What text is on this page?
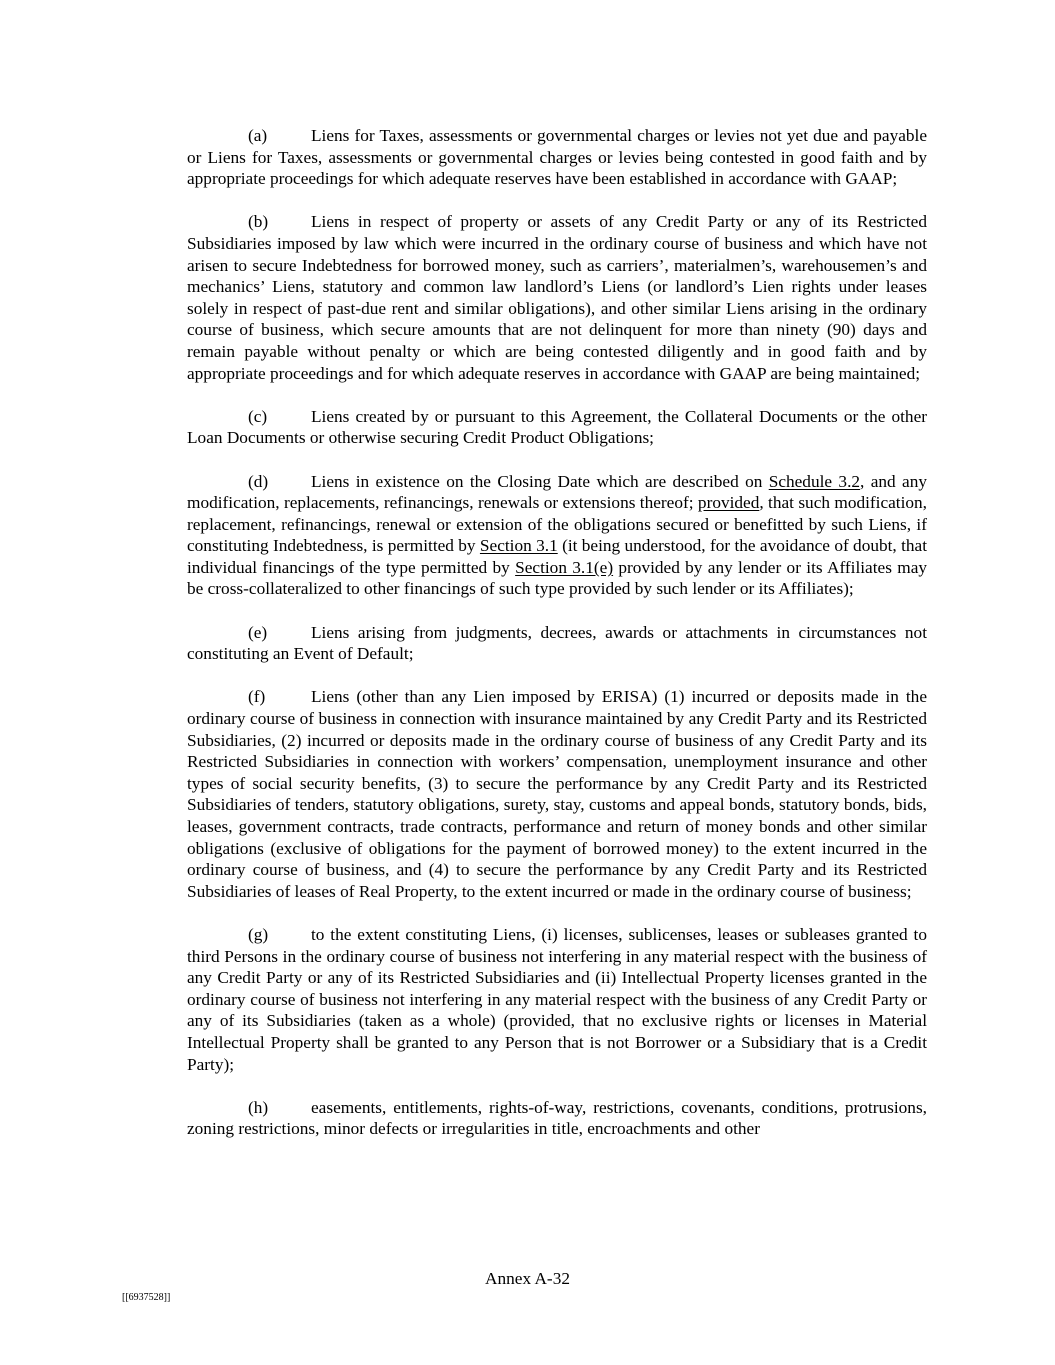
(a)	Liens for Taxes, assessments or governmental charges or levies not yet due and payable or Liens for Taxes, assessments or governmental charges or levies being contested in good faith and by appropriate proceedings for which adequate reserves have been established in accordance with GAAP;

(b) Liens in respect of property or assets of any Credit Party or any of its Restricted Subsidiaries imposed by law which were incurred in the ordinary course of business and which have not arisen to secure Indebtedness for borrowed money, such as carriers’, materialmen’s, warehousemen’s and mechanics’ Liens, statutory and common law landlord’s Liens (or landlord’s Lien rights under leases solely in respect of past-due rent and similar obligations), and other similar Liens arising in the ordinary course of business, which secure amounts that are not delinquent for more than ninety (90) days and remain payable without penalty or which are being contested diligently and in good faith and by appropriate proceedings and for which adequate reserves in accordance with GAAP are being maintained;

(c)	Liens created by or pursuant to this Agreement, the Collateral Documents or the other Loan Documents or otherwise securing Credit Product Obligations;

(d) Liens in existence on the Closing Date which are described on Schedule 3.2, and any modification, replacements, refinancings, renewals or extensions thereof; provided, that such modification, replacement, refinancings, renewal or extension of the obligations secured or benefitted by such Liens, if constituting Indebtedness, is permitted by Section 3.1 (it being understood, for the avoidance of doubt, that individual financings of the type permitted by Section 3.1(e) provided by any lender or its Affiliates may be cross-collateralized to other financings of such type provided by such lender or its Affiliates);

(e)	Liens arising from judgments, decrees, awards or attachments in circumstances not constituting an Event of Default;

(f)	Liens (other than any Lien imposed by ERISA) (1) incurred or deposits made in the ordinary course of business in connection with insurance maintained by any Credit Party and its Restricted Subsidiaries, (2) incurred or deposits made in the ordinary course of business of any Credit Party and its Restricted Subsidiaries in connection with workers’ compensation, unemployment insurance and other types of social security benefits, (3) to secure the performance by any Credit Party and its Restricted Subsidiaries of tenders, statutory obligations, surety, stay, customs and appeal bonds, statutory bonds, bids, leases, government contracts, trade contracts, performance and return of money bonds and other similar obligations (exclusive of obligations for the payment of borrowed money) to the extent incurred in the ordinary course of business, and (4) to secure the performance by any Credit Party and its Restricted Subsidiaries of leases of Real Property, to the extent incurred or made in the ordinary course of business;

(g) to the extent constituting Liens, (i) licenses, sublicenses, leases or subleases granted to third Persons in the ordinary course of business not interfering in any material respect with the business of any Credit Party or any of its Restricted Subsidiaries and (ii) Intellectual Property licenses granted in the ordinary course of business not interfering in any material respect with the business of any Credit Party or any of its Subsidiaries (taken as a whole) (provided, that no exclusive rights or licenses in Material Intellectual Property shall be granted to any Person that is not Borrower or a Subsidiary that is a Credit Party);

(h) easements, entitlements, rights-of-way, restrictions, covenants, conditions, protrusions, zoning restrictions, minor defects or irregularities in title, encroachments and other

Annex A-32
[[6937528]]
